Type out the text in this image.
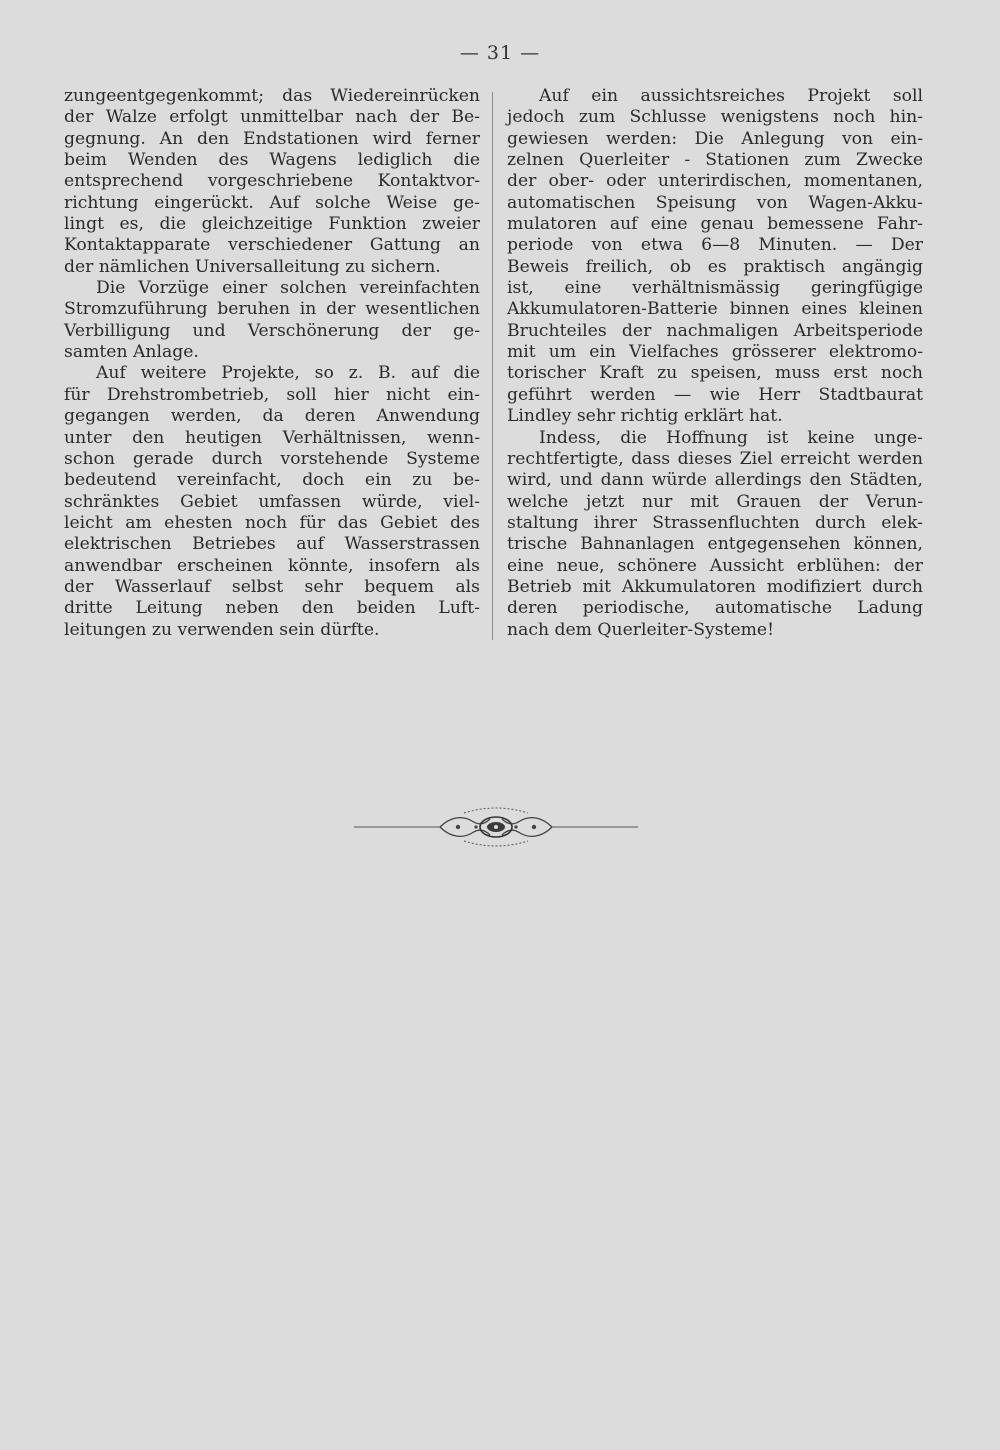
— 31 —
zungeentgegenkommt; das Wiedereinrücken
der Walze erfolgt unmittelbar nach der Be-
gegnung. An den Endstationen wird ferner
beim Wenden des Wagens lediglich die
entsprechend vorgeschriebene Kontaktvor-
richtung eingerückt. Auf solche Weise ge-
lingt es, die gleichzeitige Funktion zweier
Kontaktapparate verschiedener Gattung an
der nämlichen Universalleitung zu sichern.
Die Vorzüge einer solchen vereinfachten
Stromzuführung beruhen in der wesentlichen
Verbilligung und Verschönerung der ge-
samten Anlage.
Auf weitere Projekte, so z. B. auf die
für Drehstrombetrieb, soll hier nicht ein-
gegangen werden, da deren Anwendung
unter den heutigen Verhältnissen, wenn-
schon gerade durch vorstehende Systeme
bedeutend vereinfacht, doch ein zu be-
schränktes Gebiet umfassen würde, viel-
leicht am ehesten noch für das Gebiet des
elektrischen Betriebes auf Wasserstrassen
anwendbar erscheinen könnte, insofern als
der Wasserlauf selbst sehr bequem als
dritte Leitung neben den beiden Luft-
leitungen zu verwenden sein dürfte.
Auf ein aussichtsreiches Projekt soll
jedoch zum Schlusse wenigstens noch hin-
gewiesen werden: Die Anlegung von ein-
zelnen Querleiter - Stationen zum Zwecke
der ober- oder unterirdischen, momentanen,
automatischen Speisung von Wagen-Akku-
mulatoren auf eine genau bemessene Fahr-
periode von etwa 6—8 Minuten. — Der
Beweis freilich, ob es praktisch angängig
ist, eine verhältnismässig geringfügige
Akkumulatoren-Batterie binnen eines kleinen
Bruchteiles der nachmaligen Arbeitsperiode
mit um ein Vielfaches grösserer elektromo-
torischer Kraft zu speisen, muss erst noch
geführt werden — wie Herr Stadtbaurat
Lindley sehr richtig erklärt hat.
Indess, die Hoffnung ist keine unge-
rechtfertigte, dass dieses Ziel erreicht werden
wird, und dann würde allerdings den Städten,
welche jetzt nur mit Grauen der Verun-
staltung ihrer Strassenfluchten durch elek-
trische Bahnanlagen entgegensehen können,
eine neue, schönere Aussicht erblühen: der
Betrieb mit Akkumulatoren modifiziert durch
deren periodische, automatische Ladung
nach dem Querleiter-Systeme!
